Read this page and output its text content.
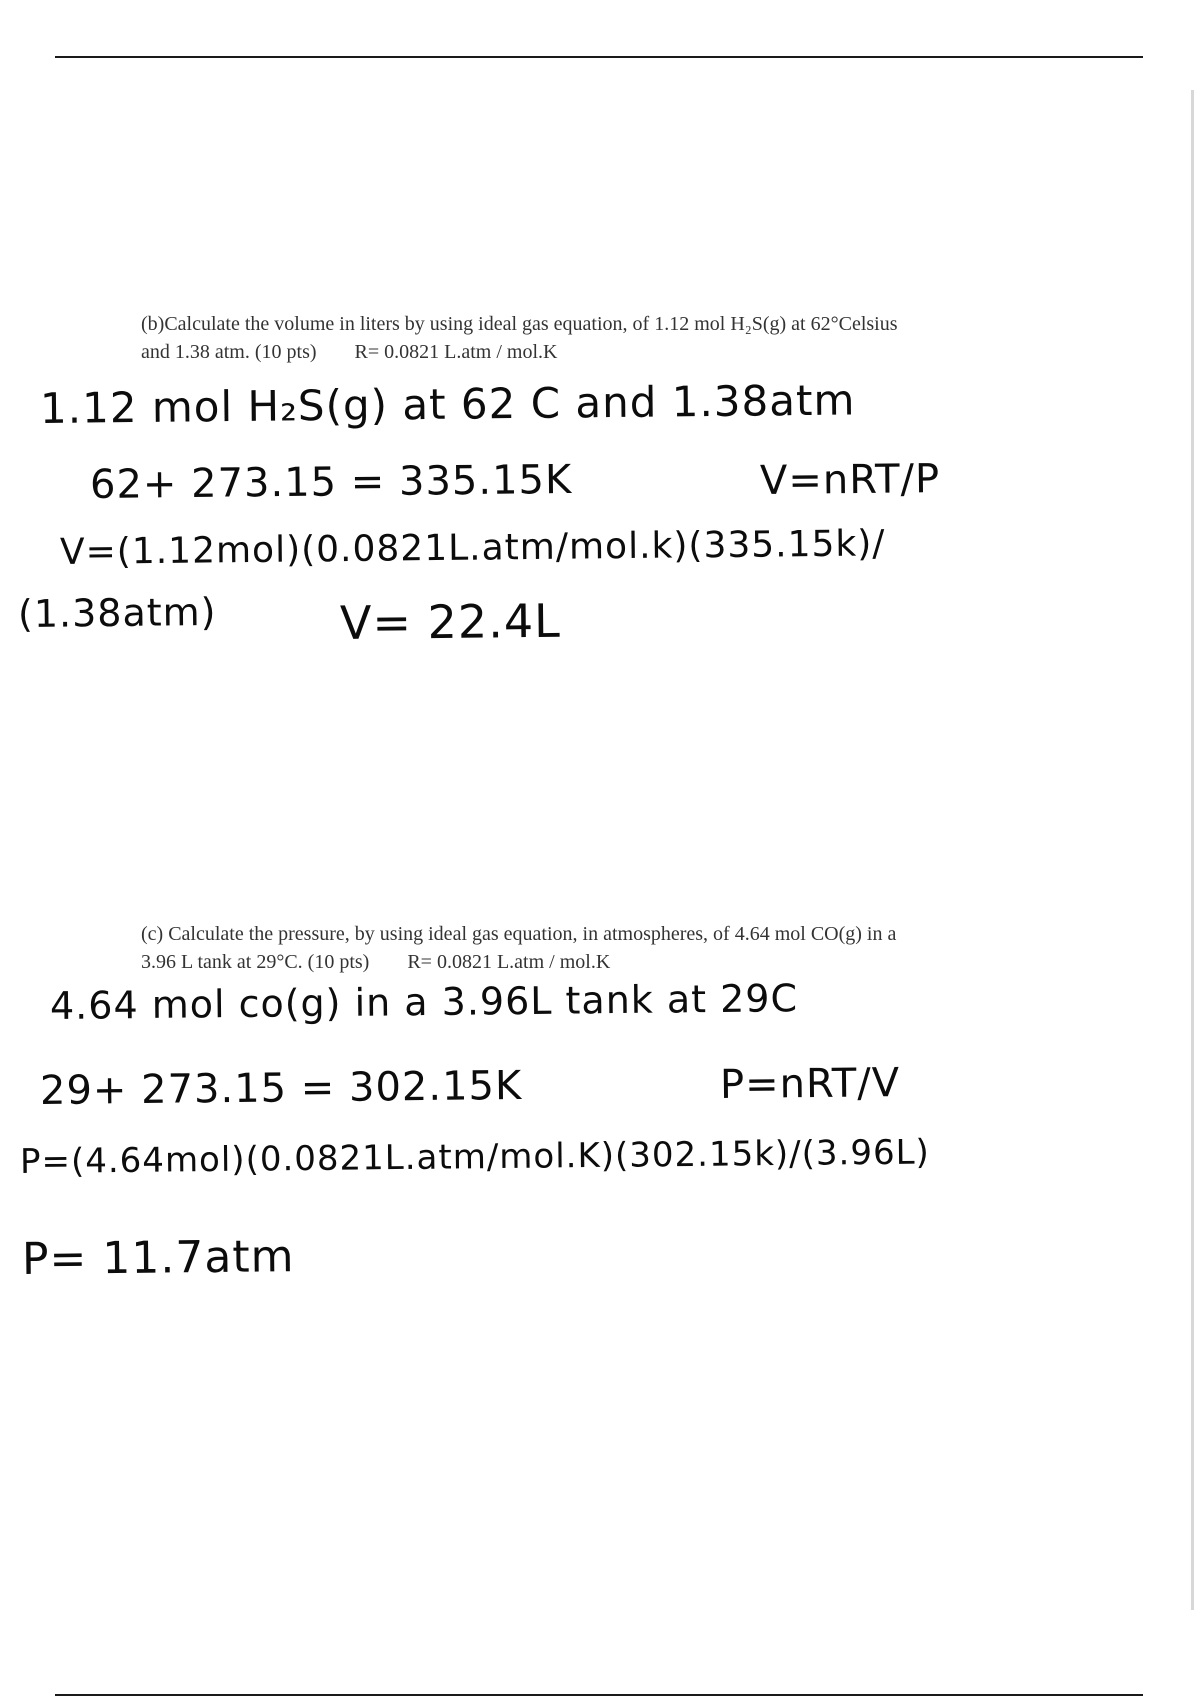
(b)Calculate the volume in liters by using ideal gas equation, of 1.12 mol H₂S(g) at 62°Celsius
and 1.38 atm. (10 pts) R= 0.0821 L.atm / mol.K
1.12 mol H₂S(g) at 62 C and 1.38atm
62+ 273.15 = 335.15K	V=nRT/P
V=(1.12mol)(0.0821L.atm/mol.k)(335.15k)/
(1.38atm)	V= 22.4L
(c) Calculate the pressure, by using ideal gas equation, in atmospheres, of 4.64 mol CO(g) in a
3.96 L tank at 29°C. (10 pts) R= 0.0821 L.atm / mol.K
4.64 mol co(g) in a 3.96L tank at 29C
29+ 273.15 = 302.15K	P=nRT/V
P=(4.64mol)(0.0821L.atm/mol.K)(302.15k)/(3.96L)
P= 11.7atm
